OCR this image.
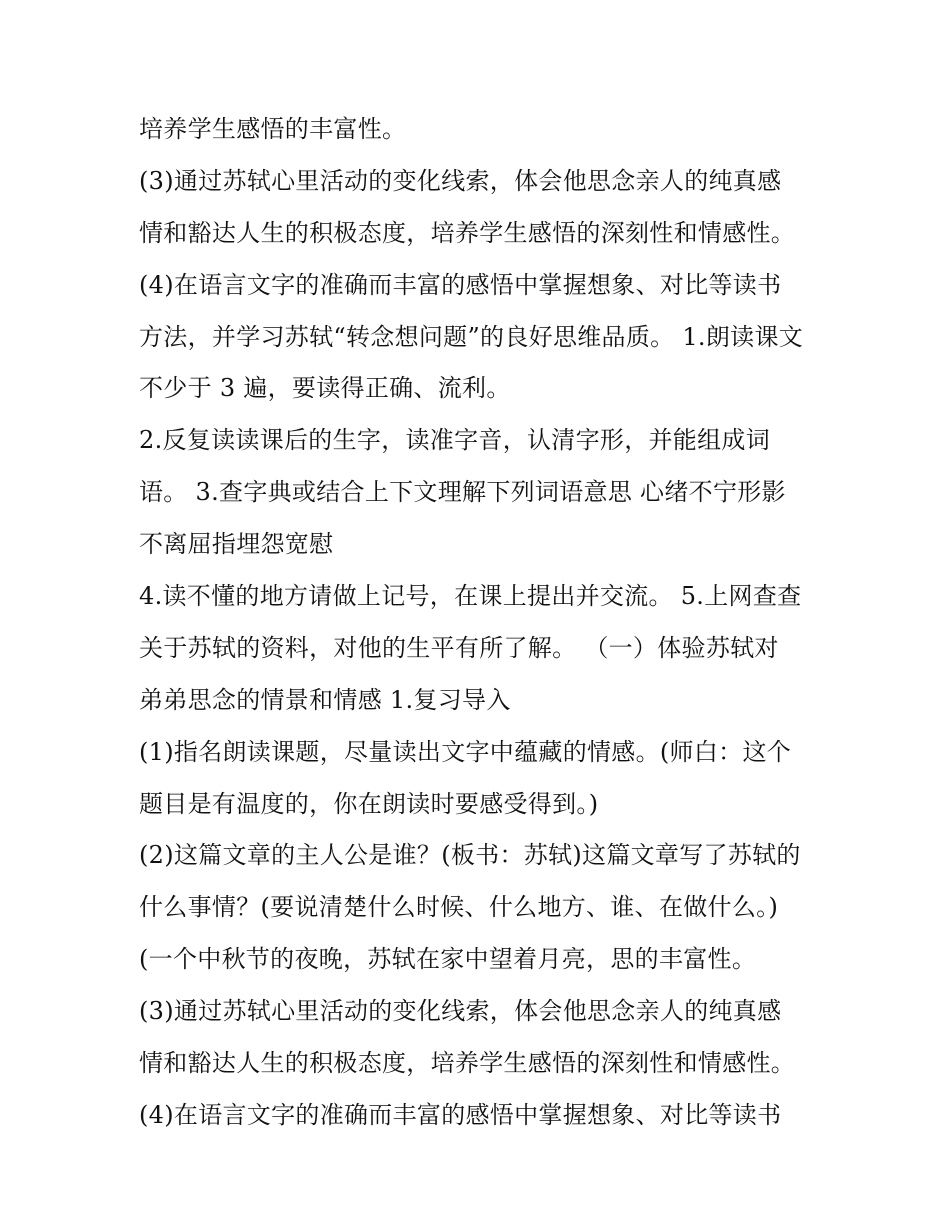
培养学生感悟的丰富性。
(3)通过苏轼心里活动的变化线索，体会他思念亲人的纯真感
情和豁达人生的积极态度，培养学生感悟的深刻性和情感性。
(4)在语言文字的准确而丰富的感悟中掌握想象、对比等读书
方法，并学习苏轼“转念想问题”的良好思维品质。 1.朗读课文
不少于 3 遍，要读得正确、流利。
2.反复读读课后的生字，读准字音，认清字形，并能组成词
语。 3.查字典或结合上下文理解下列词语意思 心绪不宁形影
不离屈指埋怨宽慰
4.读不懂的地方请做上记号，在课上提出并交流。 5.上网查查
关于苏轼的资料，对他的生平有所了解。 （一）体验苏轼对
弟弟思念的情景和情感 1.复习导入
(1)指名朗读课题，尽量读出文字中蕴藏的情感。(师白：这个
题目是有温度的，你在朗读时要感受得到。)
(2)这篇文章的主人公是谁？(板书：苏轼)这篇文章写了苏轼的
什么事情？(要说清楚什么时候、什么地方、谁、在做什么。)
(一个中秋节的夜晚，苏轼在家中望着月亮，思的丰富性。
(3)通过苏轼心里活动的变化线索，体会他思念亲人的纯真感
情和豁达人生的积极态度，培养学生感悟的深刻性和情感性。
(4)在语言文字的准确而丰富的感悟中掌握想象、对比等读书
